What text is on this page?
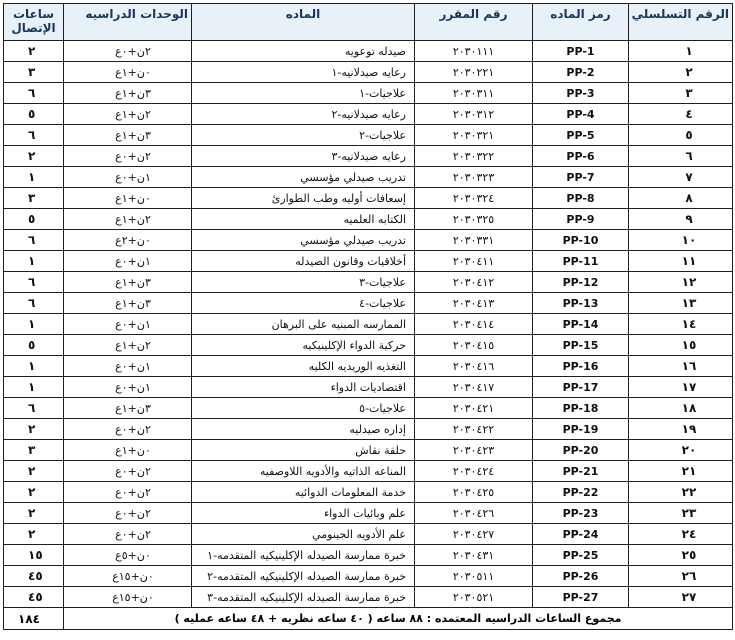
ساعات الإتصال	الوحدات الدراسيه	الماده	رقم المقرر	رمز الماده	الرقم التسلسلي
٢	٢ن+٠ع	صيدله توعويه	٢٠٣٠١١١	PP-1	١
٣	٠ن+١ع	رعايه صيدلانيه-١	٢٠٣٠٢٢١	PP-2	٢
٦	٣ن+١ع	علاجيات-١	٢٠٣٠٣١١	PP-3	٣
٥	٢ن+١ع	رعايه صيدلانيه-٢	٢٠٣٠٣١٢	PP-4	٤
٦	٣ن+١ع	علاجيات-٢	٢٠٣٠٣٢١	PP-5	٥
٢	٢ن+٠ع	رعايه صيدلانيه-٣	٢٠٣٠٣٢٢	PP-6	٦
١	١ن+٠ع	تدريب صيدلي مؤسسي	٢٠٣٠٣٢٣	PP-7	٧
٣	٠ن+١ع	إسعافات أوليه وطب الطوارئ	٢٠٣٠٣٢٤	PP-8	٨
٥	٢ن+١ع	الكتابه العلميه	٢٠٣٠٣٢٥	PP-9	٩
٦	٠ن+٢ع	تدريب صيدلي مؤسسي	٢٠٣٠٣٣١	PP-10	١٠
١	١ن+٠ع	أخلاقيات وقانون الصيدله	٢٠٣٠٤١١	PP-11	١١
٦	٣ن+١ع	علاجيات-٣	٢٠٣٠٤١٢	PP-12	١٢
٦	٣ن+١ع	علاجيات-٤	٢٠٣٠٤١٣	PP-13	١٣
١	١ن+٠ع	الممارسه المبنيه على البرهان	٢٠٣٠٤١٤	PP-14	١٤
٥	٢ن+١ع	حركية الدواء الإكلينيكيه	٢٠٣٠٤١٥	PP-15	١٥
١	١ن+٠ع	التغذيه الوريديه الكليه	٢٠٣٠٤١٦	PP-16	١٦
١	١ن+٠ع	اقتصاديات الدواء	٢٠٣٠٤١٧	PP-17	١٧
٦	٣ن+١ع	علاجيات-٥	٢٠٣٠٤٢١	PP-18	١٨
٢	٢ن+٠ع	إداره صيدليه	٢٠٣٠٤٢٢	PP-19	١٩
٣	٠ن+١ع	حلقة نقاش	٢٠٣٠٤٢٣	PP-20	٢٠
٢	٢ن+٠ع	المناعه الذاتيه والأدويه اللاوصفيه	٢٠٣٠٤٢٤	PP-21	٢١
٢	٢ن+٠ع	خدمة المعلومات الدوائيه	٢٠٣٠٤٢٥	PP-22	٢٢
٢	٢ن+٠ع	علم وبائيات الدواء	٢٠٣٠٤٢٦	PP-23	٢٣
٢	٢ن+٠ع	علم الأدويه الجينومي	٢٠٣٠٤٢٧	PP-24	٢٤
١٥	٠ن+٥ع	خبرة ممارسة الصيدله الإكلينيكيه المتقدمه-١	٢٠٣٠٤٣١	PP-25	٢٥
٤٥	٠ن+١٥ع	خبرة ممارسة الصيدله الإكلينيكيه المتقدمه-٢	٢٠٣٠٥١١	PP-26	٢٦
٤٥	٠ن+١٥ع	خبرة ممارسة الصيدله الإكلينيكيه المتقدمه-٣	٢٠٣٠٥٢١	PP-27	٢٧
١٨٤	مجموع الساعات الدراسيه المعتمده : ٨٨ ساعه ( ٤٠ ساعه نظريه + ٤٨ ساعه عمليه )				
